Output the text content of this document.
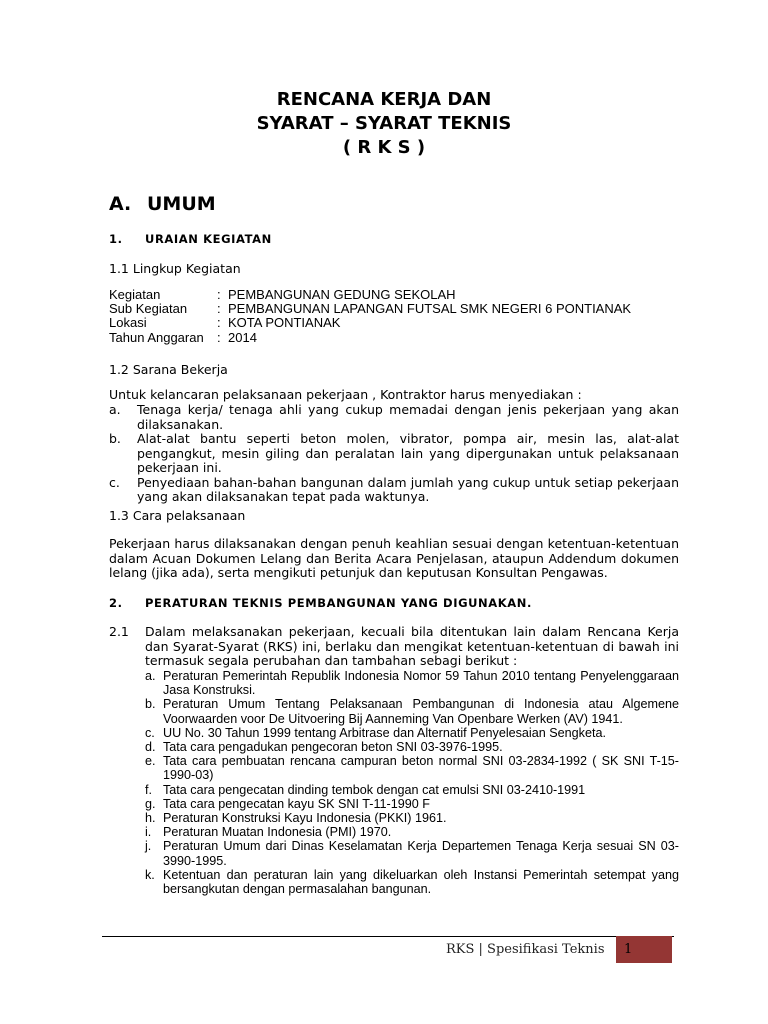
RENCANA KERJA DAN
SYARAT – SYARAT TEKNIS
( R K S )
A. UMUM
1. URAIAN KEGIATAN
1.1 Lingkup Kegiatan
Kegiatan	: PEMBANGUNAN GEDUNG SEKOLAH
Sub Kegiatan	: PEMBANGUNAN LAPANGAN FUTSAL SMK NEGERI 6 PONTIANAK
Lokasi	: KOTA PONTIANAK
Tahun Anggaran	: 2014
1.2 Sarana Bekerja
Untuk kelancaran pelaksanaan pekerjaan , Kontraktor harus menyediakan :
a.	Tenaga kerja/ tenaga ahli yang cukup memadai dengan jenis pekerjaan yang akan dilaksanakan.
b.	Alat-alat bantu seperti beton molen, vibrator, pompa air, mesin las, alat-alat pengangkut, mesin giling dan peralatan lain yang dipergunakan untuk pelaksanaan pekerjaan ini.
c.	Penyediaan bahan-bahan bangunan dalam jumlah yang cukup untuk setiap pekerjaan yang akan dilaksanakan tepat pada waktunya.
1.3 Cara pelaksanaan
Pekerjaan harus dilaksanakan dengan penuh keahlian sesuai dengan ketentuan-ketentuan dalam Acuan Dokumen Lelang dan Berita Acara Penjelasan, ataupun Addendum dokumen lelang (jika ada), serta mengikuti petunjuk dan keputusan Konsultan Pengawas.
2. PERATURAN TEKNIS PEMBANGUNAN YANG DIGUNAKAN.
2.1	Dalam melaksanakan pekerjaan, kecuali bila ditentukan lain dalam Rencana Kerja dan Syarat-Syarat (RKS) ini, berlaku dan mengikat ketentuan-ketentuan di bawah ini termasuk segala perubahan dan tambahan sebagi berikut :
a. Peraturan Pemerintah Republik Indonesia Nomor 59 Tahun 2010 tentang Penyelenggaraan Jasa Konstruksi.
b. Peraturan Umum Tentang Pelaksanaan Pembangunan di Indonesia atau Algemene Voorwaarden voor De Uitvoering Bij Aanneming Van Openbare Werken (AV) 1941.
c. UU No. 30 Tahun 1999 tentang Arbitrase dan Alternatif Penyelesaian Sengketa.
d. Tata cara pengadukan pengecoran beton SNI 03-3976-1995.
e. Tata cara pembuatan rencana campuran beton normal SNI 03-2834-1992 ( SK SNI T-15-1990-03)
f. Tata cara pengecatan dinding tembok dengan cat emulsi SNI 03-2410-1991
g. Tata cara pengecatan kayu SK SNI T-11-1990 F
h. Peraturan Konstruksi Kayu Indonesia (PKKI) 1961.
i. Peraturan Muatan Indonesia (PMI) 1970.
j. Peraturan Umum dari Dinas Keselamatan Kerja Departemen Tenaga Kerja sesuai SN 03-3990-1995.
k. Ketentuan dan peraturan lain yang dikeluarkan oleh Instansi Pemerintah setempat yang bersangkutan dengan permasalahan bangunan.
RKS | Spesifikasi Teknis 1
